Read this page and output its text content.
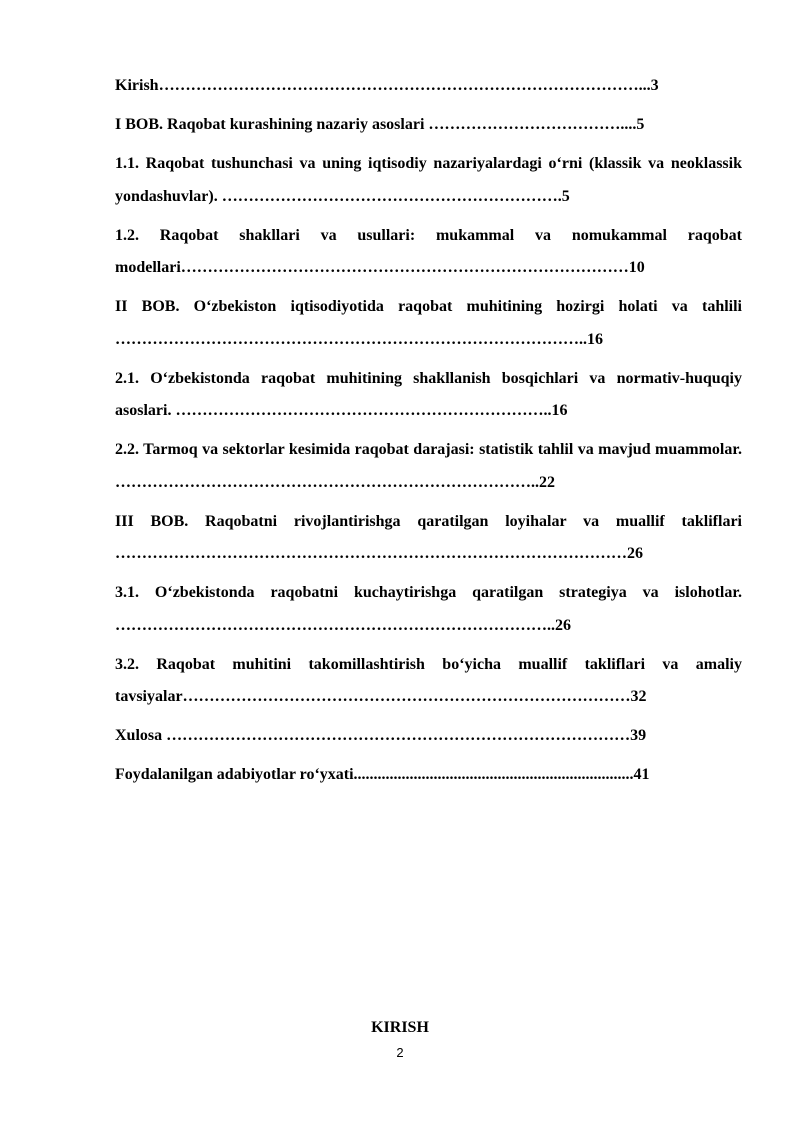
Kirish………………………………………………………………………………...3

I BOB. Raqobat kurashining nazariy asoslari ………………………………....5

1.1. Raqobat tushunchasi va uning iqtisodiy nazariyalardagi o‘rni (klassik va neoklassik yondashuvlar). ……………………………………………………….5

1.2. Raqobat shakllari va usullari: mukammal va nomukammal raqobat modellari…………………………………………………………………………10

II BOB. O‘zbekiston iqtisodiyotida raqobat muhitining hozirgi holati va tahlili ……………………………………………………………………………..16

2.1. O‘zbekistonda raqobat muhitining shakllanish bosqichlari va normativ-huquqiy asoslari. ……………………………………………………………..16

2.2. Tarmoq va sektorlar kesimida raqobat darajasi: statistik tahlil va mavjud muammolar. ……………………………………………………………………..22

III BOB. Raqobatni rivojlantirishga qaratilgan loyihalar va muallif takliflari ……………………………………………………………………………………26

3.1. O‘zbekistonda raqobatni kuchaytirishga qaratilgan strategiya va islohotlar. ………………………………………………………………………..26

3.2. Raqobat muhitini takomillashtirish bo‘yicha muallif takliflari va amaliy tavsiyalar…………………………………………………………………………32

Xulosa ……………………………………………………………………………39

Foydalanilgan adabiyotlar ro‘yxati......................................................................41

KIRISH
2
